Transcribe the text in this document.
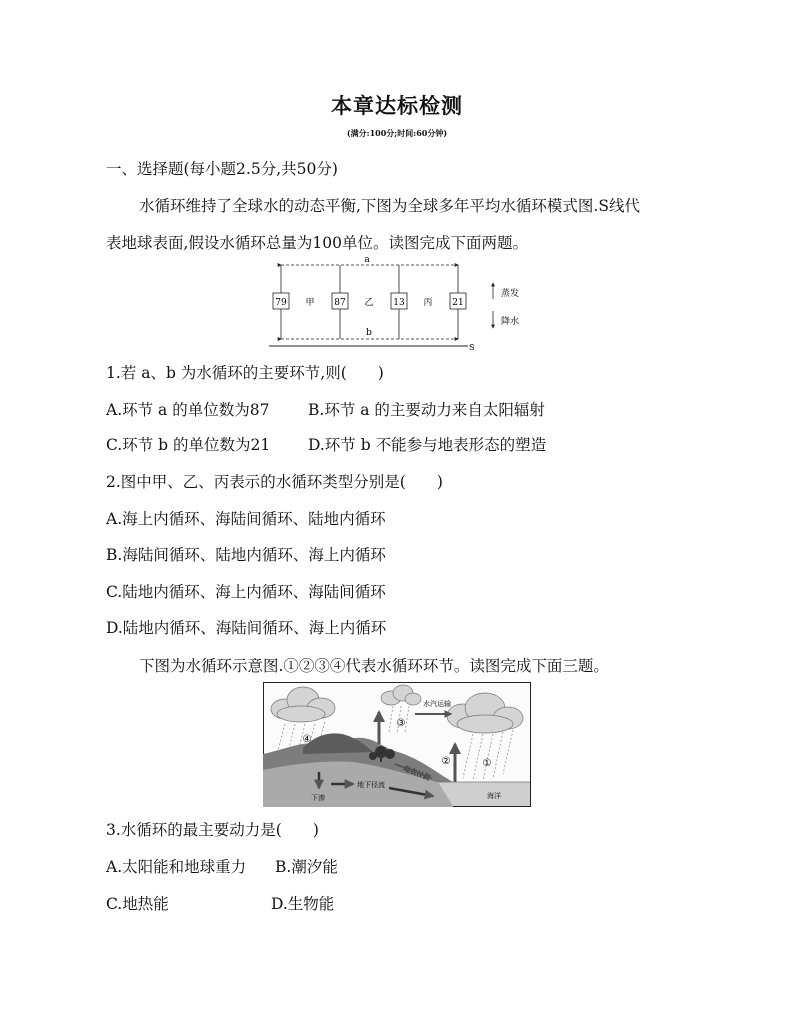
本章达标检测
(满分:100分;时间:60分钟)
一、选择题(每小题2.5分,共50分)
水循环维持了全球水的动态平衡,下图为全球多年平均水循环模式图.S线代
表地球表面,假设水循环总量为100单位。读图完成下面两题。
a
79	87	13	21
甲	乙	丙
b
S
蒸发
降水
1.若 a、b 为水循环的主要环节,则(　　)
A.环节 a 的单位数为87 B.环节 a 的主要动力来自太阳辐射
C.环节 b 的单位数为21 D.环节 b 不能参与地表形态的塑造
2.图中甲、乙、丙表示的水循环类型分别是(　　)
A.海上内循环、海陆间循环、陆地内循环
B.海陆间循环、陆地内循环、海上内循环
C.陆地内循环、海上内循环、海陆间循环
D.陆地内循环、海陆间循环、海上内循环
下图为水循环示意图.①②③④代表水循环环节。读图完成下面三题。
④
③
①
②
水汽运输
海洋
地下径流
下渗
3.水循环的最主要动力是(　　)
A.太阳能和地球重力 B.潮汐能
C.地热能	D.生物能
